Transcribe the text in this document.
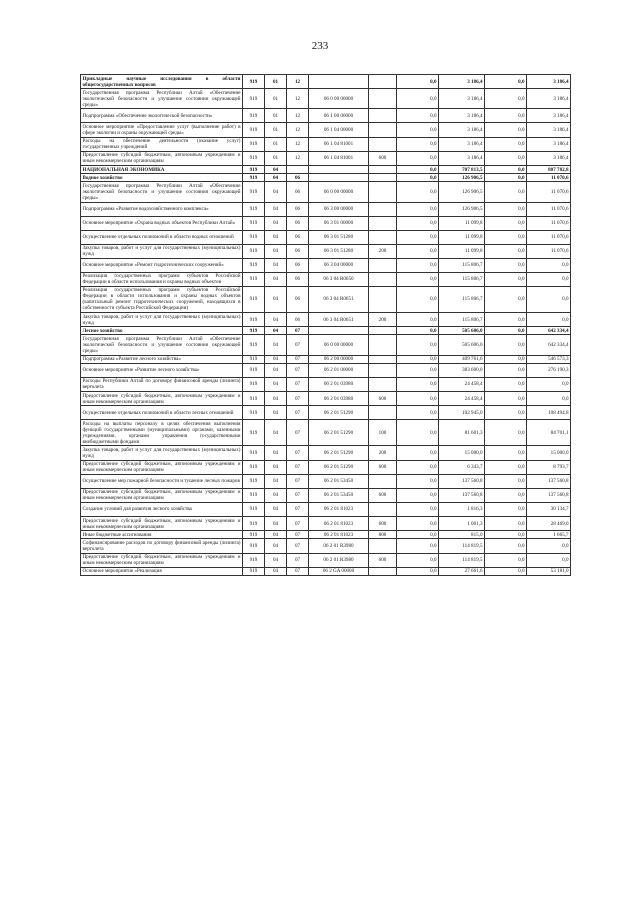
233
Прикладные научные исследования в области общегосударственных вопросов	919	01	12			0,0	3 186,4	0,0	3 186,4
Государственная программа Республики Алтай «Обеспечение экологической безопасности и улучшение состояния окружающей среды»	919	01	12	06 0 00 00000		0,0	3 186,4	0,0	3 186,4
Подпрограмма «Обеспечение экологической безопасности»	919	01	12	06 1 00 00000		0,0	3 186,4	0,0	3 186,4
Основное мероприятие «Предоставление услуг (выполнение работ) в сфере экологии и охраны окружающей среды»	919	01	12	06 1 04 00000		0,0	3 186,4	0,0	3 186,4
Расходы на обеспечение деятельности (оказание услуг) государственных учреждений	919	01	12	06 1 04 81001		0,0	3 186,4	0,0	3 186,4
Предоставление субсидий бюджетным, автономным учреждениям и иным некоммерческим организациям	919	01	12	06 1 04 81001	600	0,0	3 186,4	0,0	3 186,4
НАЦИОНАЛЬНАЯ ЭКОНОМИКА	919	04				0,0	707 813,5	0,0	807 782,8
Водное хозяйство	919	04	06			0,0	126 906,5	0,0	11 070,6
Государственная программа Республики Алтай «Обеспечение экологической безопасности и улучшение состояния окружающей среды»	919	04	06	06 0 00 00000		0,0	126 906,5	0,0	11 070,6
Подпрограмма «Развитие водохозяйственного комплекса»	919	04	06	06 3 00 00000		0,0	126 906,5	0,0	11 070,6
Основное мероприятие «Охрана водных объектов Республики Алтай»	919	04	06	06 3 01 00000		0,0	11 099,8	0,0	11 070,6
Осуществление отдельных полномочий в области водных отношений	919	04	06	06 3 01 51280		0,0	11 099,8	0,0	11 070,6
Закупка товаров, работ и услуг для государственных (муниципальных) нужд	919	04	06	06 3 01 51280	200	0,0	11 099,8	0,0	11 070,6
Основное мероприятие «Ремонт гидротехнических сооружений»	919	04	06	06 3 04 00000		0,0	115 806,7	0,0	0,0
Реализация государственных программ субъектов Российской Федерации в области использования и охраны водных объектов	919	04	06	06 3 04 R0650		0,0	115 806,7	0,0	0,0
Реализация государственных программ субъектов Российской Федерации в области использования и охраны водных объектов (капитальный ремонт гидротехнических сооружений, находящихся в собственности субъекта Российской Федерации)	919	04	06	06 3 04 R0651		0,0	115 806,7	0,0	0,0
Закупка товаров, работ и услуг для государственных (муниципальных) нужд	919	04	06	06 3 04 R0651	200	0,0	115 806,7	0,0	0,0
Лесное хозяйство	919	04	07			0,0	505 606,0	0,0	642 334,4
Государственная программа Республики Алтай «Обеспечение экологической безопасности и улучшение состояния окружающей среды»	919	04	07	06 0 00 00000		0,0	505 606,0	0,0	642 334,4
Подпрограмма «Развитие лесного хозяйства»	919	04	07	06 2 00 00000		0,0	409 761,6	0,0	546 573,3
Основное мероприятие «Развитие лесного хозяйства»	919	04	07	06 2 01 00000		0,0	383 600,0	0,0	276 190,3
Расходы Республики Алтай по договору финансовой аренды (лизинга) вертолета	919	04	07	06 2 01 03980		0,0	24 458,4	0,0	0,0
Предоставление субсидий бюджетным, автономным учреждениям и иным некоммерческим организациям	919	04	07	06 2 01 03980	600	0,0	24 458,4	0,0	0,0
Осуществление отдельных полномочий в области лесных отношений	919	04	07	06 2 01 51290		0,0	102 945,0	0,0	108 494,8
Расходы на выплаты персоналу в целях обеспечения выполнения функций государственными (муниципальными) органами, казенными учреждениями, органами управления государственными внебюджетными фондами	919	04	07	06 2 01 51290	100	0,0	81 601,3	0,0	84 701,1
Закупка товаров, работ и услуг для государственных (муниципальных) нужд	919	04	07	06 2 01 51290	200	0,0	15 000,0	0,0	15 000,0
Предоставление субсидий бюджетным, автономным учреждениям и иным некоммерческим организациям	919	04	07	06 2 01 51290	600	0,0	6 343,7	0,0	8 793,7
Осуществление мер пожарной безопасности и тушение лесных пожаров	919	04	07	06 2 01 53450		0,0	137 560,8	0,0	137 560,8
Предоставление субсидий бюджетным, автономным учреждениям и иным некоммерческим организациям	919	04	07	06 2 01 53450	600	0,0	137 560,8	0,0	137 560,8
Создание условий для развития лесного хозяйства	919	04	07	06 2 01 81023		0,0	1 816,3	0,0	30 134,7
Предоставление субсидий бюджетным, автономным учреждениям и иным некоммерческим организациям	919	04	07	06 2 01 81023	600	0,0	1 001,3	0,0	28 469,0
Иные бюджетные ассигнования	919	04	07	06 2 01 81023	800	0,0	815,0	0,0	1 665,7
Софинансирование расходов по договору финансовой аренды (лизинга) вертолета	919	04	07	06 2 01 R3980		0,0	114 819,5	0,0	0,0
Предоставление субсидий бюджетным, автономным учреждениям и иным некоммерческим организациям	919	04	07	06 2 01 R3980	600	0,0	114 819,5	0,0	0,0
Основное мероприятие «Реализация	919	04	07	06 2 GA 00000		0,0	27 661,6	0,0	53 181,0
